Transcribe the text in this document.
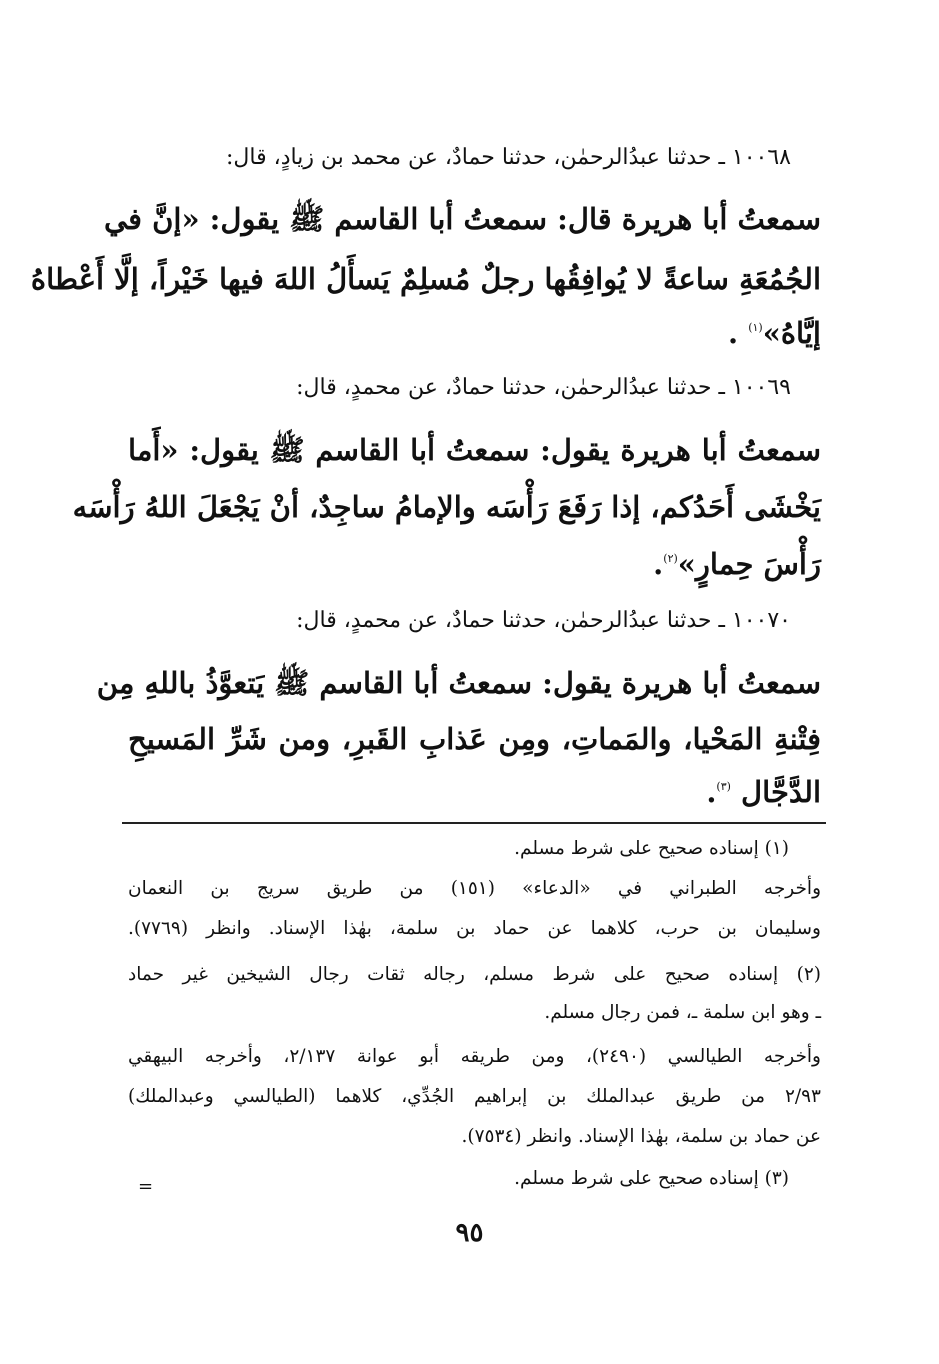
١٠٠٦٨ ـ حدثنا عبدُالرحمٰن، حدثنا حمادٌ، عن محمد بن زيادٍ، قال:
سمعتُ أبا هريرة قال: سمعتُ أبا القاسم ﷺ يقول: «إنَّ في
الجُمُعَةِ ساعةً لا يُوافِقُها رجلٌ مُسلِمٌ يَسأَلُ اللهَ فيها خَيْراً، إلَّا أَعْطاهُ
إيَّاهُ»$^{(١)}$ .
١٠٠٦٩ ـ حدثنا عبدُالرحمٰن، حدثنا حمادٌ، عن محمدٍ، قال:
سمعتُ أبا هريرة يقول: سمعتُ أبا القاسم ﷺ يقول: «أَما
يَخْشَى أَحَدُكم، إذا رَفَعَ رَأْسَه والإمامُ ساجِدٌ، أنْ يَجْعَلَ اللهُ رَأْسَه
رَأْسَ حِمارٍ»$^{(٢)}$.
١٠٠٧٠ ـ حدثنا عبدُالرحمٰن، حدثنا حمادٌ، عن محمدٍ، قال:
سمعتُ أبا هريرة يقول: سمعتُ أبا القاسم ﷺ يَتعوَّذُ باللهِ مِن
فِتْنةِ المَحْيا، والمَماتِ، ومِن عَذابِ القَبرِ، ومن شَرِّ المَسيحِ
الدَّجَّال $^{(٣)}$.
(١) إسناده صحيح على شرط مسلم.
وأخرجه الطبراني في «الدعاء» (١٥١) من طريق سريج بن النعمان
وسليمان بن حرب، كلاهما عن حماد بن سلمة، بهٰذا الإسناد. وانظر (٧٧٦٩).
(٢) إسناده صحيح على شرط مسلم، رجاله ثقات رجال الشيخين غير حماد
ـ وهو ابن سلمة ـ، فمن رجال مسلم.
وأخرجه الطيالسي (٢٤٩٠)، ومن طريقه أبو عوانة ٢/١٣٧، وأخرجه البيهقي
٢/٩٣ من طريق عبدالملك بن إبراهيم الجُدِّي، كلاهما (الطيالسي وعبدالملك)
عن حماد بن سلمة، بهٰذا الإسناد. وانظر (٧٥٣٤).
(٣) إسناده صحيح على شرط مسلم.
=
٩٥
